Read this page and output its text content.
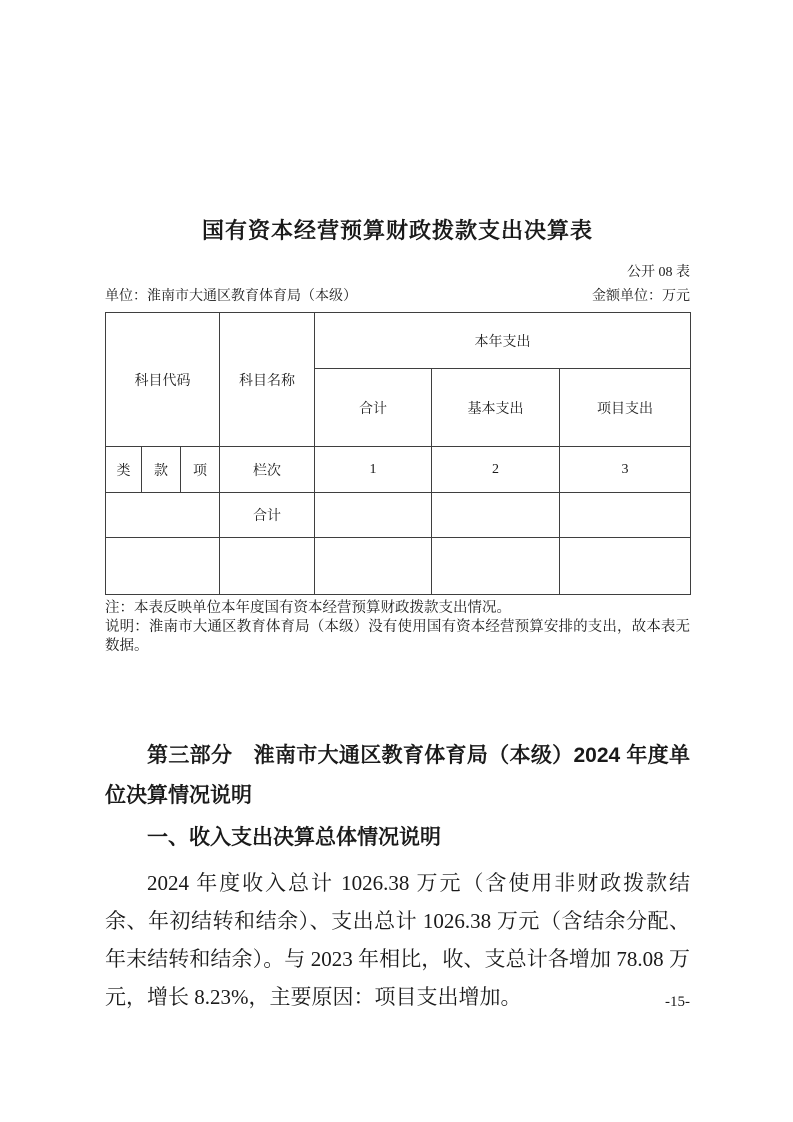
国有资本经营预算财政拨款支出决算表
公开 08 表
单位：淮南市大通区教育体育局（本级）	金额单位：万元
科目代码			科目名称	本年支出		
				合计	基本支出	项目支出
类	款	项	栏次	1	2	3
			合计			

注：本表反映单位本年度国有资本经营预算财政拨款支出情况。

说明：淮南市大通区教育体育局（本级）没有使用国有资本经营预算安排的支出，故本表无数据。

第三部分　淮南市大通区教育体育局（本级）2024 年度单位决算情况说明
一、收入支出决算总体情况说明

2024 年度收入总计 1026.38 万元（含使用非财政拨款结余、年初结转和结余）、支出总计 1026.38 万元（含结余分配、年末结转和结余）。与 2023 年相比，收、支总计各增加 78.08 万元，增长 8.23%，主要原因：项目支出增加。	-15-
